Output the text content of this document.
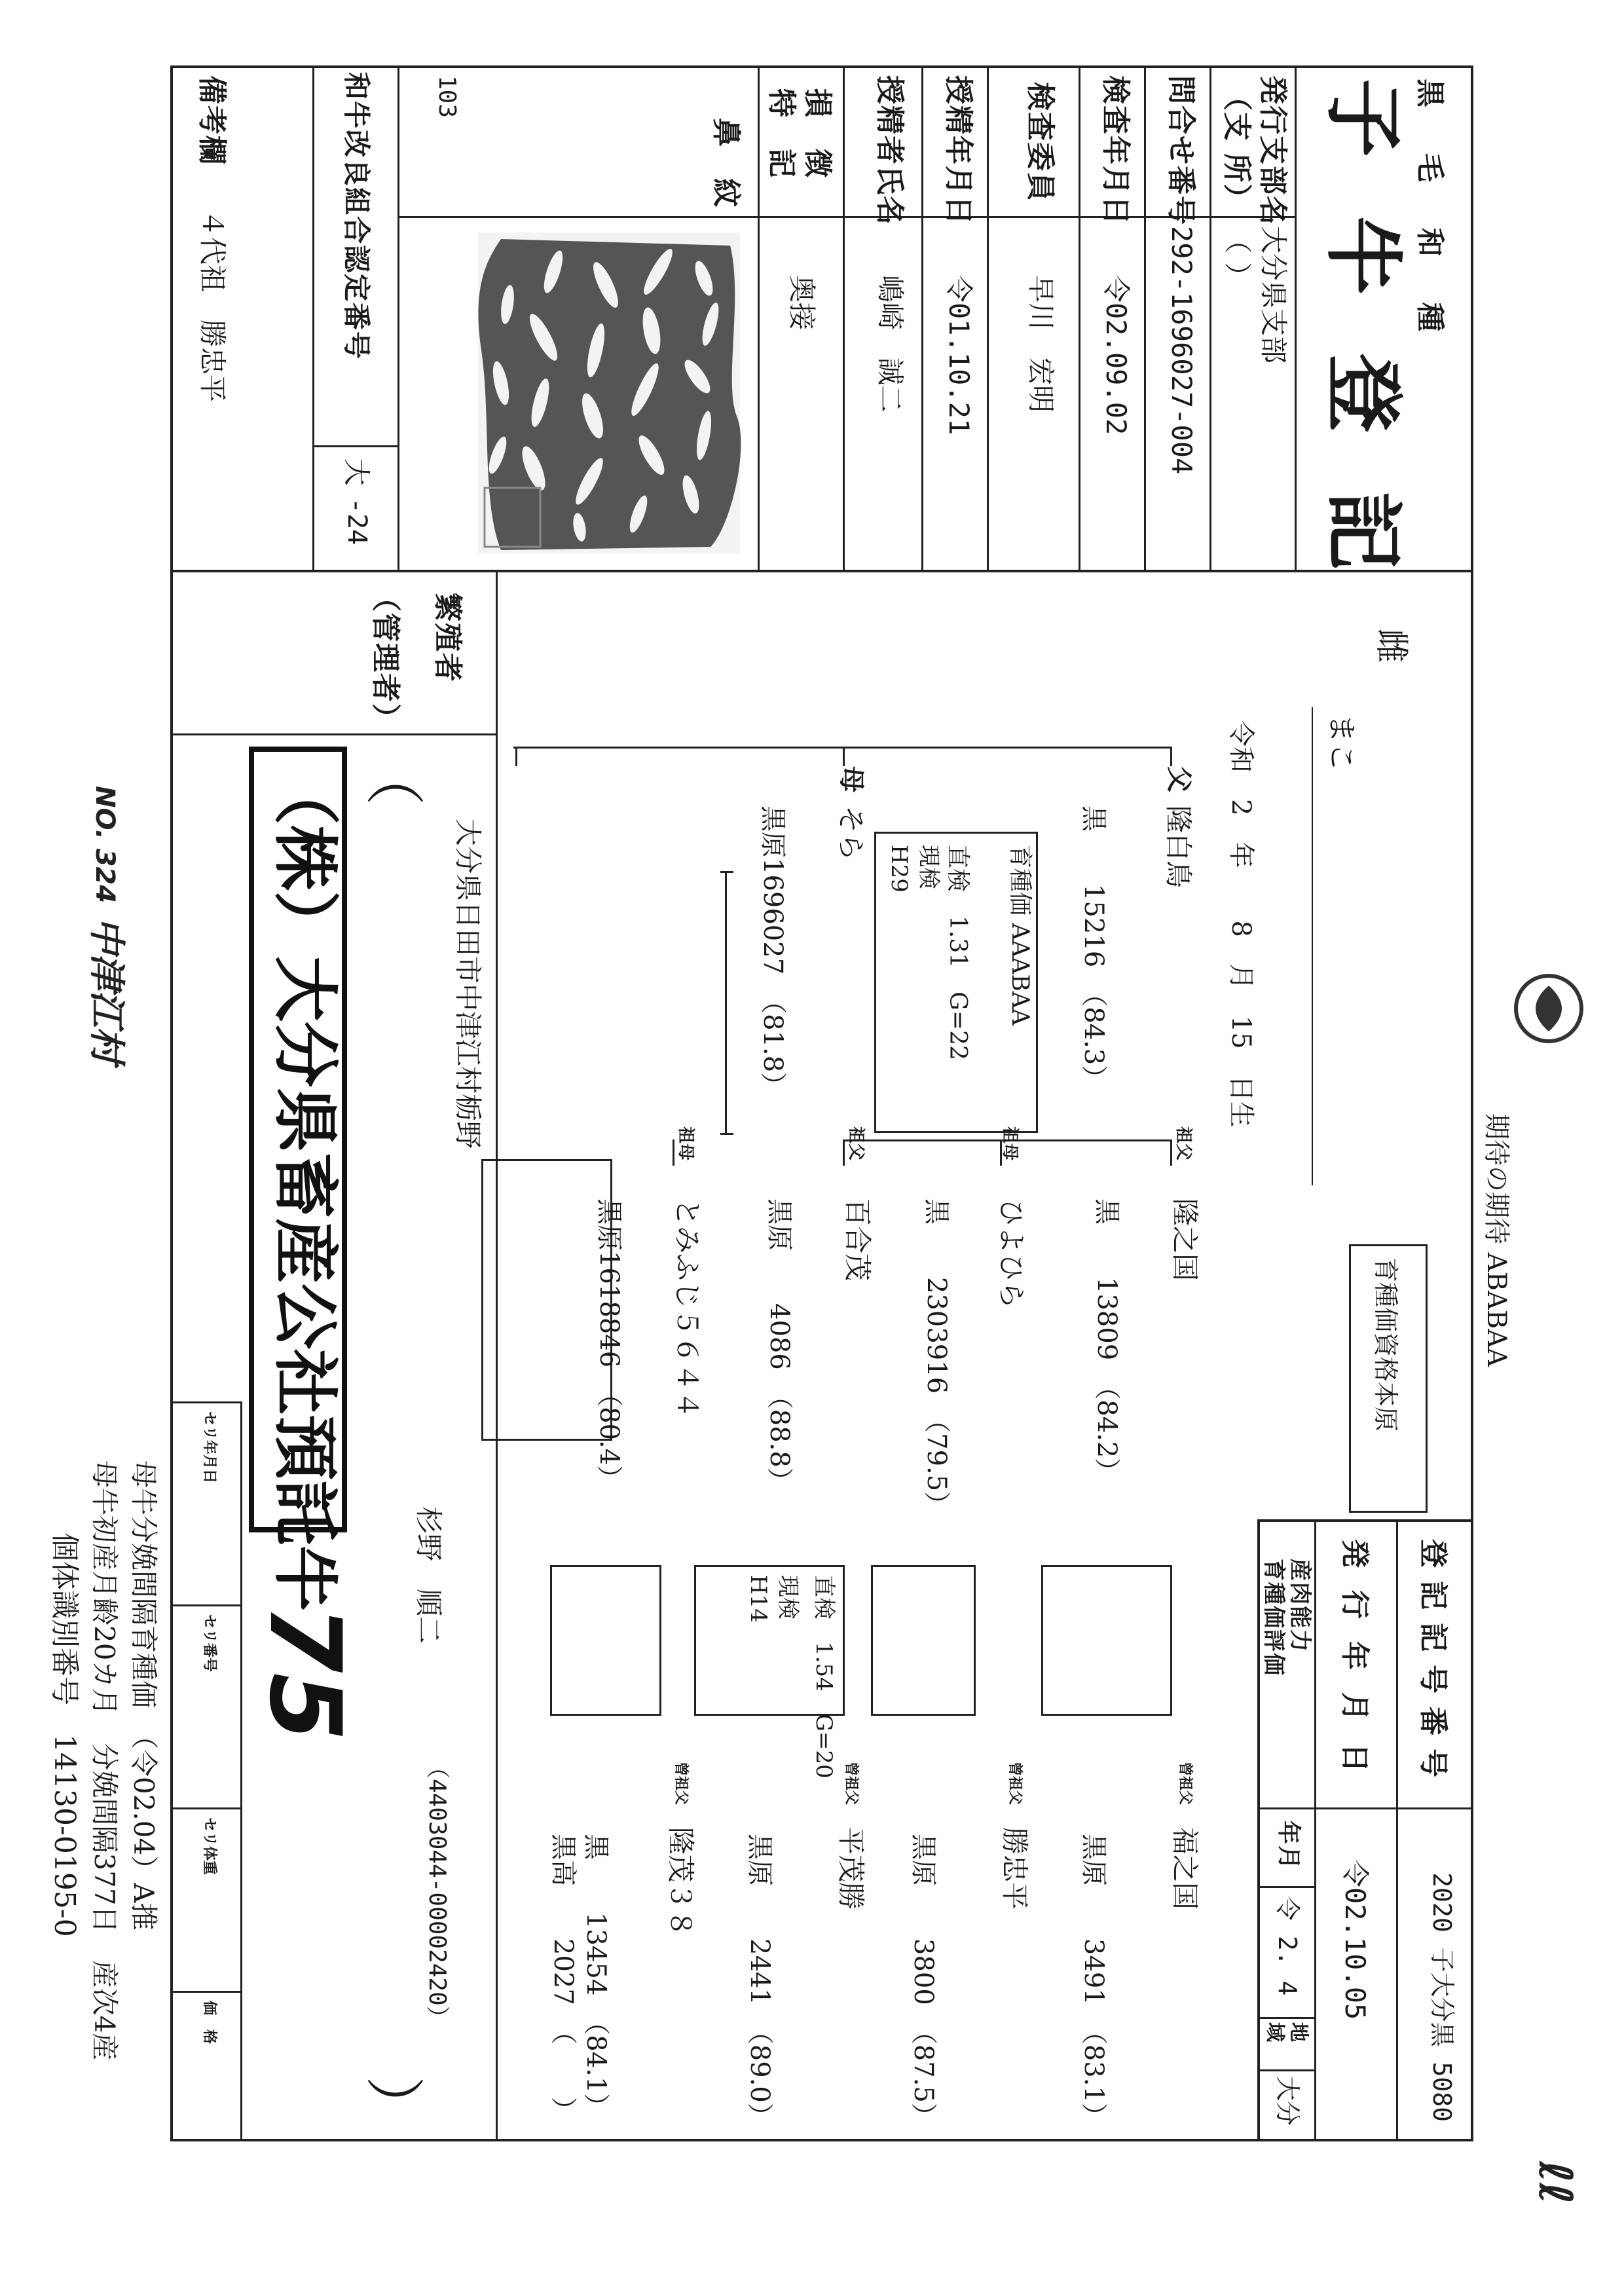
黒毛和種
子牛登記
発行支部名
大分県支部
（支 所）
（ ）
問合せ番号
292-1696027-004
検査年月日
令02.09.02
検査委員
早川　宏明
授精年月日
令01.10.21
授精者氏名
嶋崎　誠二
損　徴
特　記
奥接
鼻　紋
103
和牛改良組合認定番号
大
-24
備考欄
４代祖　勝忠平
雌
まこ
令和　2　年　　8　月　15　日生
育種価資格本原
父
隆白鳥
黒　　15216　（84.3）
育種価 AAABAA
直検　1.31　G=22
現検
H29
母
そら
黒原1696027　（81.8）
祖父
隆之国
黒　　13809　（84.2）
祖母
ひよひら
黒　　2303916　（79.5）
祖父
百合茂
黒原　　4086　（88.8）
祖母
とみふじ５６４４
黒原1618846　（80.4）
直検　1.54　G=20
現検
H14
曾祖父
福之国
黒原　　3491　（83.1）
曾祖父
勝忠平
黒原　　3800　（87.5）
曾祖父
平茂勝
黒原　　2441　（89.0）
曾祖父
隆茂３８
黒　　13454　（84.1）
黒高　　2027　（　　）
登記記号番号
2020 子大分黒 5080
発行年月日
令02.10.05
産肉能力
育種価評価
年月
令 2. 4
地域
大分
繁殖者
（管理者）
大分県日田市中津江村栃野
杉野　順二
（4403044-00002420）
（
）
（株）大分県畜産公社預託牛
75
セリ年月日
セリ番号
セリ体重
価　格
期待の期待 ABABAA
ℓℓ
母牛分娩間隔育種価　（令02.04）A推
母牛初産月齢20カ月　分娩間隔377日　産次4産
個体識別番号　14130-0195-0
NO. 324
中津江村
